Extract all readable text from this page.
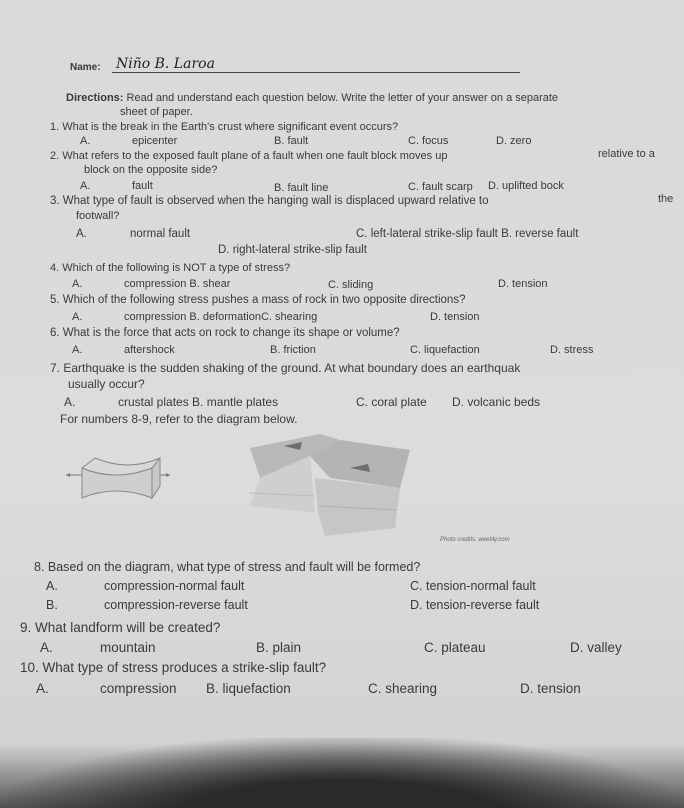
Name: Niño B. Laroa
Directions: Read and understand each question below. Write the letter of your answer on a separate
sheet of paper.
1. What is the break in the Earth's crust where significant event occurs?
A.	epicenter	B. fault	C. focus	D. zero
2. What refers to the exposed fault plane of a fault when one fault block moves up	relative to a
block on the opposite side?
A.	fault	B. fault line	C. fault scarp D. uplifted bock
3. What type of fault is observed when the hanging wall is displaced upward relative to	the
footwall?
A.	normal fault	C. left-lateral strike-slip fault B. reverse fault
D. right-lateral strike-slip fault
4. Which of the following is NOT a type of stress?
A.	compression B. shear	C. sliding	D. tension
5. Which of the following stress pushes a mass of rock in two opposite directions?
A.	compression B. deformationC. shearing	D. tension
6. What is the force that acts on rock to change its shape or volume?
A.	aftershock	B. friction	C. liquefaction	D. stress
7. Earthquake is the sudden shaking of the ground. At what boundary does an earthquak
usually occur?
A.	crustal plates B. mantle plates	C. coral plate D. volcanic beds
For numbers 8-9, refer to the diagram below.
Photo credits: weebly.com
8. Based on the diagram, what type of stress and fault will be formed?
A.	compression-normal fault
B.	compression-reverse fault
C. tension-normal fault
D. tension-reverse fault
9. What landform will be created?
A.	mountain	B. plain	C. plateau	D. valley
10. What type of stress produces a strike-slip fault?
A.	compression B. liquefaction	C. shearing	D. tension
